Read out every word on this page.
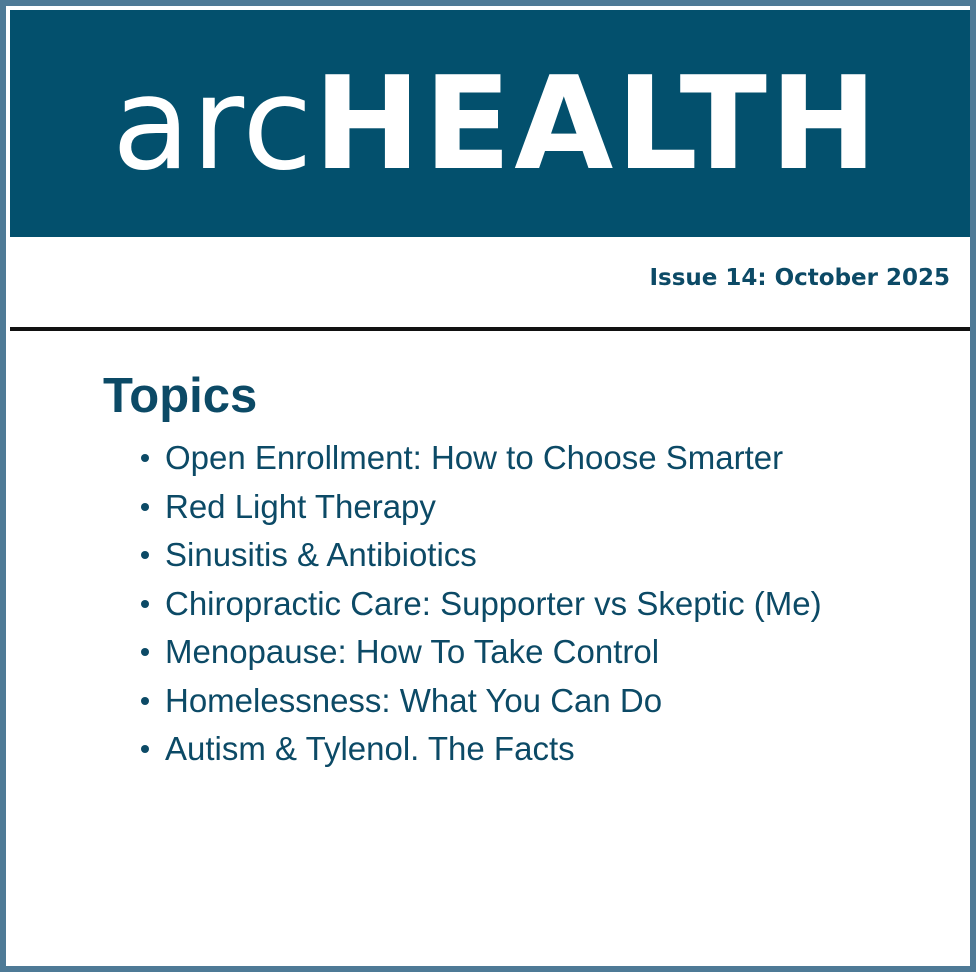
arcHEALTH
Issue 14: October 2025
Topics
Open Enrollment: How to Choose Smarter
Red Light Therapy
Sinusitis & Antibiotics
Chiropractic Care: Supporter vs Skeptic (Me)
Menopause: How To Take Control
Homelessness: What You Can Do
Autism & Tylenol. The Facts
